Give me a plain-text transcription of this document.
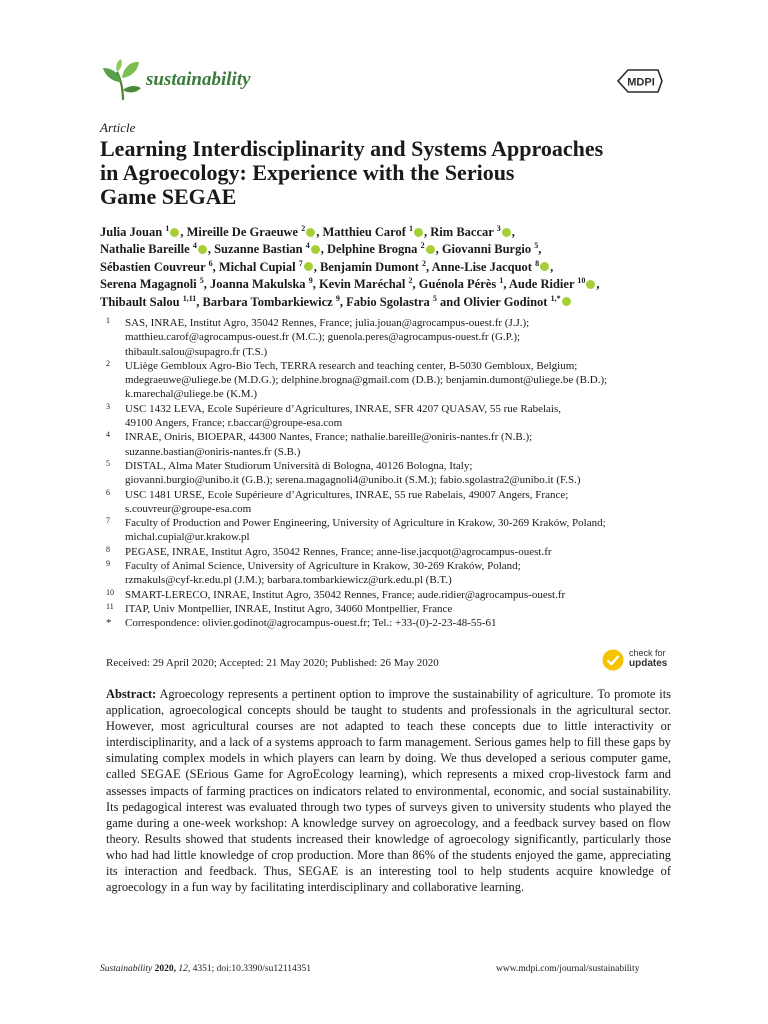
sustainability	MDPI
Article
Learning Interdisciplinarity and Systems Approaches
in Agroecology: Experience with the Serious
Game SEGAE
Julia Jouan $^1$ , Mireille De Graeuwe $^2$ , Matthieu Carof $^1$ , Rim Baccar $^3$ ,
Nathalie Bareille $^4$ , Suzanne Bastian $^4$ , Delphine Brogna $^2$ , Giovanni Burgio $^5$,
Sébastien Couvreur $^6$, Michal Cupial $^7$ , Benjamin Dumont $^2$, Anne-Lise Jacquot $^8$ ,
Serena Magagnoli $^5$, Joanna Makulska $^9$, Kevin Maréchal $^2$, Guénola Pérès $^1$, Aude Ridier $^{10}$ ,
Thibault Salou $^{1,11}$, Barbara Tombarkiewicz $^9$, Fabio Sgolastra $^5$ and Olivier Godinot $^{1,*}$
1 SAS, INRAE, Institut Agro, 35042 Rennes, France; julia.jouan@agrocampus-ouest.fr (J.J.);
matthieu.carof@agrocampus-ouest.fr (M.C.); guenola.peres@agrocampus-ouest.fr (G.P.);
thibault.salou@supagro.fr (T.S.)
2 ULiège Gembloux Agro-Bio Tech, TERRA research and teaching center, B-5030 Gembloux, Belgium;
mdegraeuwe@uliege.be (M.D.G.); delphine.brogna@gmail.com (D.B.); benjamin.dumont@uliege.be (B.D.);
k.marechal@uliege.be (K.M.)
3 USC 1432 LEVA, Ecole Supérieure d’Agricultures, INRAE, SFR 4207 QUASAV, 55 rue Rabelais,
49100 Angers, France; r.baccar@groupe-esa.com
4 INRAE, Oniris, BIOEPAR, 44300 Nantes, France; nathalie.bareille@oniris-nantes.fr (N.B.);
suzanne.bastian@oniris-nantes.fr (S.B.)
5 DISTAL, Alma Mater Studiorum Università di Bologna, 40126 Bologna, Italy;
giovanni.burgio@unibo.it (G.B.); serena.magagnoli4@unibo.it (S.M.); fabio.sgolastra2@unibo.it (F.S.)
6 USC 1481 URSE, Ecole Supérieure d’Agricultures, INRAE, 55 rue Rabelais, 49007 Angers, France;
s.couvreur@groupe-esa.com
7 Faculty of Production and Power Engineering, University of Agriculture in Krakow, 30-269 Kraków, Poland;
michal.cupial@ur.krakow.pl
8 PEGASE, INRAE, Institut Agro, 35042 Rennes, France; anne-lise.jacquot@agrocampus-ouest.fr
9 Faculty of Animal Science, University of Agriculture in Krakow, 30-269 Kraków, Poland;
rzmakuls@cyf-kr.edu.pl (J.M.); barbara.tombarkiewicz@urk.edu.pl (B.T.)
10 SMART-LERECO, INRAE, Institut Agro, 35042 Rennes, France; aude.ridier@agrocampus-ouest.fr
11 ITAP, Univ Montpellier, INRAE, Institut Agro, 34060 Montpellier, France
* Correspondence: olivier.godinot@agrocampus-ouest.fr; Tel.: +33-(0)-2-23-48-55-61
Received: 29 April 2020; Accepted: 21 May 2020; Published: 26 May 2020
check for
updates
Abstract: Agroecology represents a pertinent option to improve the sustainability of agriculture. To promote its application, agroecological concepts should be taught to students and professionals in the agricultural sector. However, most agricultural courses are not adapted to teach these concepts due to little interactivity or interdisciplinarity, and a lack of a systems approach to farm management. Serious games help to fill these gaps by simulating complex models in which players can learn by doing. We thus developed a serious computer game, called SEGAE (SErious Game for AgroEcology learning), which represents a mixed crop-livestock farm and assesses impacts of farming practices on indicators related to environmental, economic, and social sustainability. Its pedagogical interest was evaluated through two types of surveys given to university students who played the game during a one-week workshop: A knowledge survey on agroecology, and a feedback survey based on flow theory. Results showed that students increased their knowledge of agroecology significantly, particularly those who had had little knowledge of crop production. More than 86% of the students enjoyed the game, appreciating its interaction and feedback. Thus, SEGAE is an interesting tool to help students acquire knowledge of agroecology in a fun way by facilitating interdisciplinary and collaborative learning.
Sustainability 2020, 12, 4351; doi:10.3390/su12114351	www.mdpi.com/journal/sustainability
